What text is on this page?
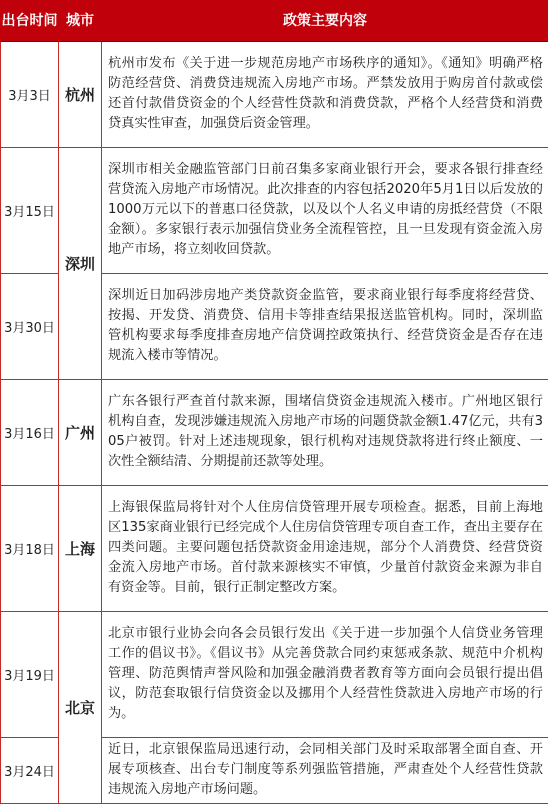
出台时间	城市	政策主要内容
3月3日	杭州	杭州市发布《关于进一步规范房地产市场秩序的通知》。《通知》明确严格防范经营贷、消费贷违规流入房地产市场。严禁发放用于购房首付款或偿还首付款借贷资金的个人经营性贷款和消费贷款，严格个人经营贷和消费贷真实性审查，加强贷后资金管理。
3月15日	深圳	深圳市相关金融监管部门日前召集多家商业银行开会，要求各银行排查经营贷流入房地产市场情况。此次排查的内容包括2020年5月1日以后发放的1000万元以下的普惠口径贷款，以及以个人名义申请的房抵经营贷（不限金额）。多家银行表示加强信贷业务全流程管控，且一旦发现有资金流入房地产市场，将立刻收回贷款。
3月30日		深圳近日加码涉房地产类贷款资金监管，要求商业银行每季度将经营贷、按揭、开发贷、消费贷、信用卡等排查结果报送监管机构。同时，深圳监管机构要求每季度排查房地产信贷调控政策执行、经营贷资金是否存在违规流入楼市等情况。
3月16日	广州	广东各银行严查首付款来源，围堵信贷资金违规流入楼市。广州地区银行机构自查，发现涉嫌违规流入房地产市场的问题贷款金额1.47亿元，共有305户被罚。针对上述违规现象，银行机构对违规贷款将进行终止额度、一次性全额结清、分期提前还款等处理。
3月18日	上海	上海银保监局将针对个人住房信贷管理开展专项检查。据悉，目前上海地区135家商业银行已经完成个人住房信贷管理专项自查工作，查出主要存在四类问题。主要问题包括贷款资金用途违规，部分个人消费贷、经营贷资金流入房地产市场。首付款来源核实不审慎，少量首付款资金来源为非自有资金等。目前，银行正制定整改方案。
3月19日	北京	北京市银行业协会向各会员银行发出《关于进一步加强个人信贷业务管理工作的倡议书》。《倡议书》从完善贷款合同约束惩戒条款、规范中介机构管理、防范舆情声誉风险和加强金融消费者教育等方面向会员银行提出倡议，防范套取银行信贷资金以及挪用个人经营性贷款进入房地产市场的行为。
3月24日		近日，北京银保监局迅速行动，会同相关部门及时采取部署全面自查、开展专项核查、出台专门制度等系列强监管措施，严肃查处个人经营性贷款违规流入房地产市场问题。
